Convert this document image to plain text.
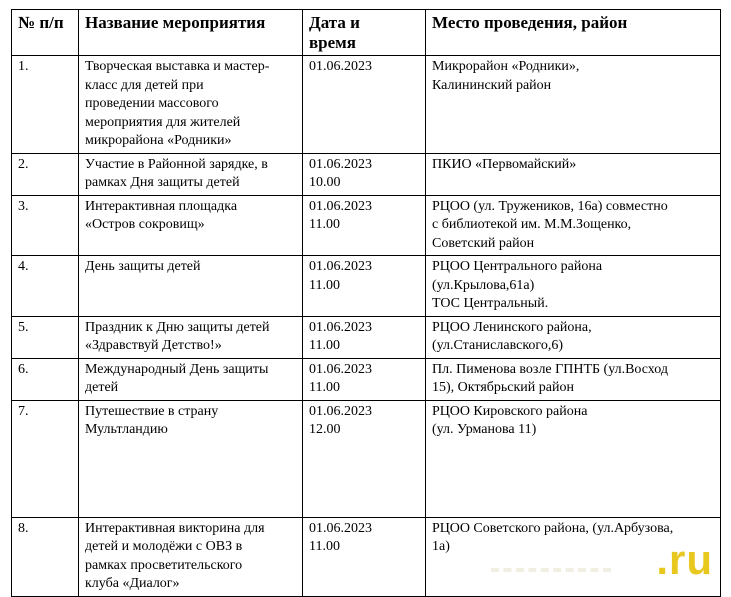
№ п/п	Название мероприятия	Дата и
время	Место проведения, район
1.	Творческая выставка и мастер-
класс для детей при
проведении массового
мероприятия для жителей
микрорайона «Родники»	01.06.2023	Микрорайон «Родники»,
Калининский район
2.	Участие в Районной зарядке, в
рамках Дня защиты детей	01.06.2023
10.00	ПКИО «Первомайский»
3.	Интерактивная площадка
«Остров сокровищ»	01.06.2023
11.00	РЦОО (ул. Тружеников, 16а) совместно
с библиотекой им. М.М.Зощенко,
Советский район
4.	День защиты детей	01.06.2023
11.00	РЦОО Центрального района
(ул.Крылова,61а)
ТОС Центральный.
5.	Праздник к Дню защиты детей
«Здравствуй Детство!»	01.06.2023
11.00	РЦОО Ленинского района,
(ул.Станиславского,6)
6.	Международный День защиты
детей	01.06.2023
11.00	Пл. Пименова возле ГПНТБ (ул.Восход
15), Октябрьский район
7.	Путешествие в страну
Мультландию	01.06.2023
12.00	РЦОО Кировского района
(ул. Урманова 11)
8.	Интерактивная викторина для
детей и молодёжи с ОВЗ в
рамках просветительского
клуба «Диалог»	01.06.2023
11.00	РЦОО Советского района, (ул.Арбузова,
1а)	.ru
